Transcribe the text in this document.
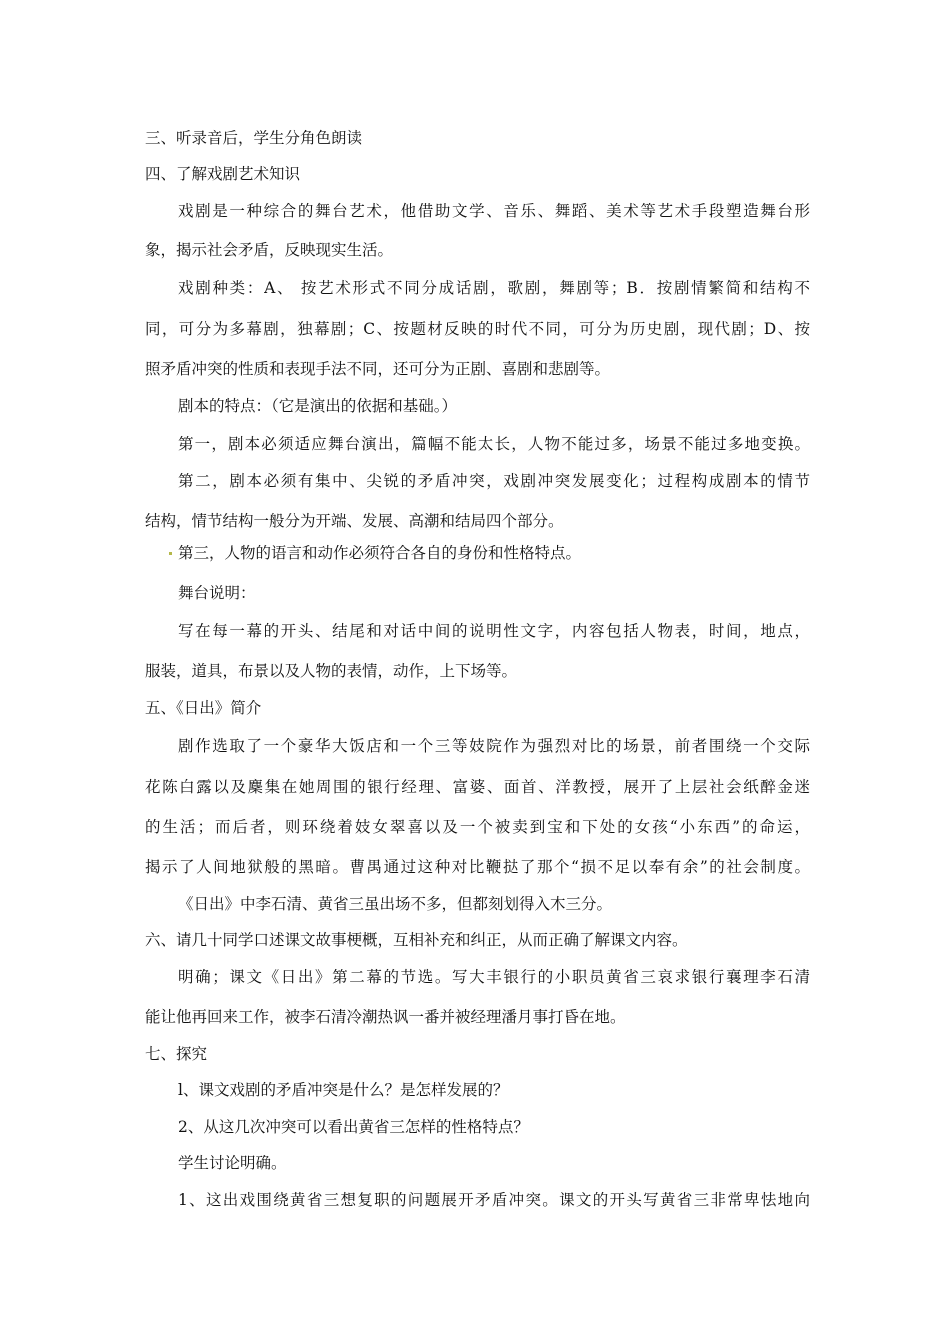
三、听录音后，学生分角色朗读
四、了解戏剧艺术知识
戏剧是一种综合的舞台艺术，他借助文学、音乐、舞蹈、美术等艺术手段塑造舞台形
象，揭示社会矛盾，反映现实生活。
戏剧种类：A、 按艺术形式不同分成话剧，歌剧，舞剧等；B．按剧情繁简和结构不
同，可分为多幕剧，独幕剧；C、按题材反映的时代不同，可分为历史剧，现代剧；D、按
照矛盾冲突的性质和表现手法不同，还可分为正剧、喜剧和悲剧等。
剧本的特点：（它是演出的依据和基础。）
第一，剧本必须适应舞台演出，篇幅不能太长，人物不能过多，场景不能过多地变换。
第二，剧本必须有集中、尖锐的矛盾冲突，戏剧冲突发展变化；过程构成剧本的情节
结构，情节结构一般分为开端、发展、高潮和结局四个部分。
第三，人物的语言和动作必须符合各自的身份和性格特点。
舞台说明：
写在每一幕的开头、结尾和对话中间的说明性文字，内容包括人物表，时间，地点，
服装，道具，布景以及人物的表情，动作，上下场等。
五、《日出》简介
剧作选取了一个豪华大饭店和一个三等妓院作为强烈对比的场景，前者围绕一个交际
花陈白露以及麇集在她周围的银行经理、富婆、面首、洋教授，展开了上层社会纸醉金迷
的生活；而后者，则环绕着妓女翠喜以及一个被卖到宝和下处的女孩“小东西”的命运，
揭示了人间地狱般的黑暗。曹禺通过这种对比鞭挞了那个“损不足以奉有余”的社会制度。
《日出》中李石清、黄省三虽出场不多，但都刻划得入木三分。
六、请几十同学口述课文故事梗概，互相补充和纠正，从而正确了解课文内容。
明确；课文《日出》第二幕的节选。写大丰银行的小职员黄省三哀求银行襄理李石清
能让他再回来工作，被李石清冷潮热讽一番并被经理潘月事打昏在地。
七、探究
l、课文戏剧的矛盾冲突是什么？是怎样发展的？
2、从这几次冲突可以看出黄省三怎样的性格特点？
学生讨论明确。
1、这出戏围绕黄省三想复职的问题展开矛盾冲突。课文的开头写黄省三非常卑怯地向
